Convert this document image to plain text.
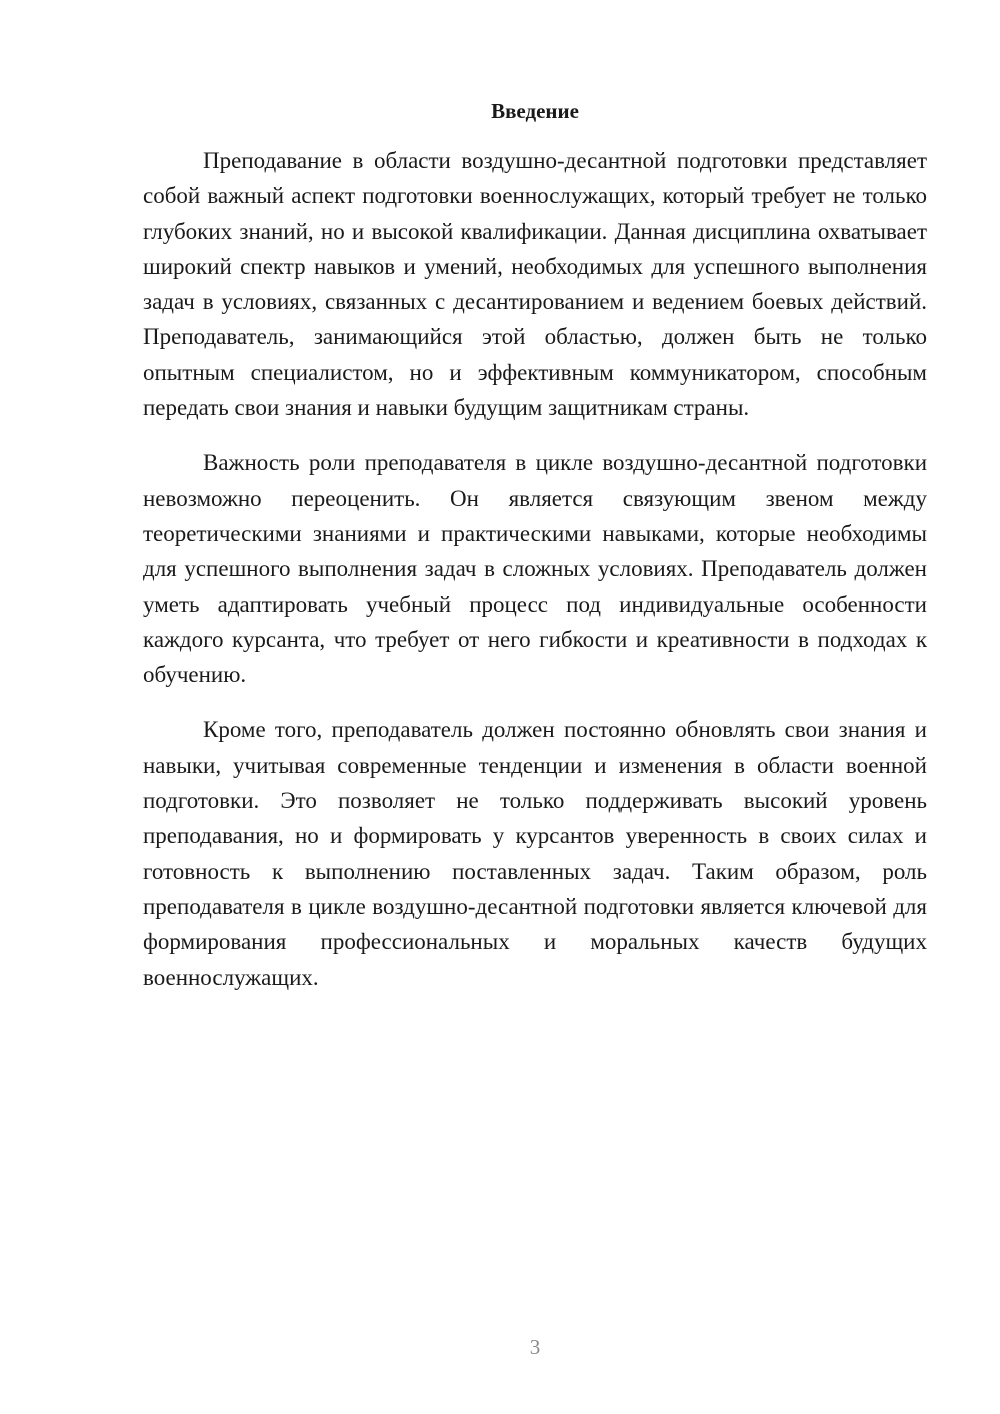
Введение

Преподавание в области воздушно-десантной подготовки представляет собой важный аспект подготовки военнослужащих, который требует не только глубоких знаний, но и высокой квалификации. Данная дисциплина охватывает широкий спектр навыков и умений, необходимых для успешного выполнения задач в условиях, связанных с десантированием и ведением боевых действий. Преподаватель, занимающийся этой областью, должен быть не только опытным специалистом, но и эффективным коммуникатором, способным передать свои знания и навыки будущим защитникам страны.

Важность роли преподавателя в цикле воздушно-десантной подготовки невозможно переоценить. Он является связующим звеном между теоретическими знаниями и практическими навыками, которые необходимы для успешного выполнения задач в сложных условиях. Преподаватель должен уметь адаптировать учебный процесс под индивидуальные особенности каждого курсанта, что требует от него гибкости и креативности в подходах к обучению.

Кроме того, преподаватель должен постоянно обновлять свои знания и навыки, учитывая современные тенденции и изменения в области военной подготовки. Это позволяет не только поддерживать высокий уровень преподавания, но и формировать у курсантов уверенность в своих силах и готовность к выполнению поставленных задач. Таким образом, роль преподавателя в цикле воздушно-десантной подготовки является ключевой для формирования профессиональных и моральных качеств будущих военнослужащих.

3
